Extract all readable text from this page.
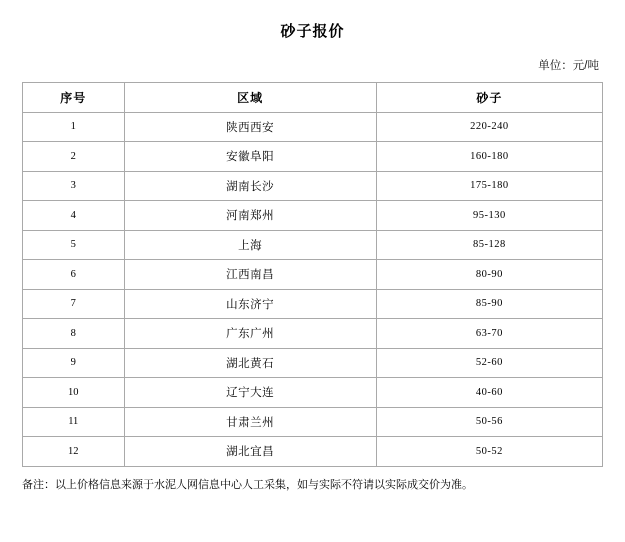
砂子报价
单位：元/吨
序号	区域	砂子
1	陕西西安	220-240
2	安徽阜阳	160-180
3	湖南长沙	175-180
4	河南郑州	95-130
5	上海	85-128
6	江西南昌	80-90
7	山东济宁	85-90
8	广东广州	63-70
9	湖北黄石	52-60
10	辽宁大连	40-60
11	甘肃兰州	50-56
12	湖北宜昌	50-52
备注：以上价格信息来源于水泥人网信息中心人工采集，如与实际不符请以实际成交价为准。
